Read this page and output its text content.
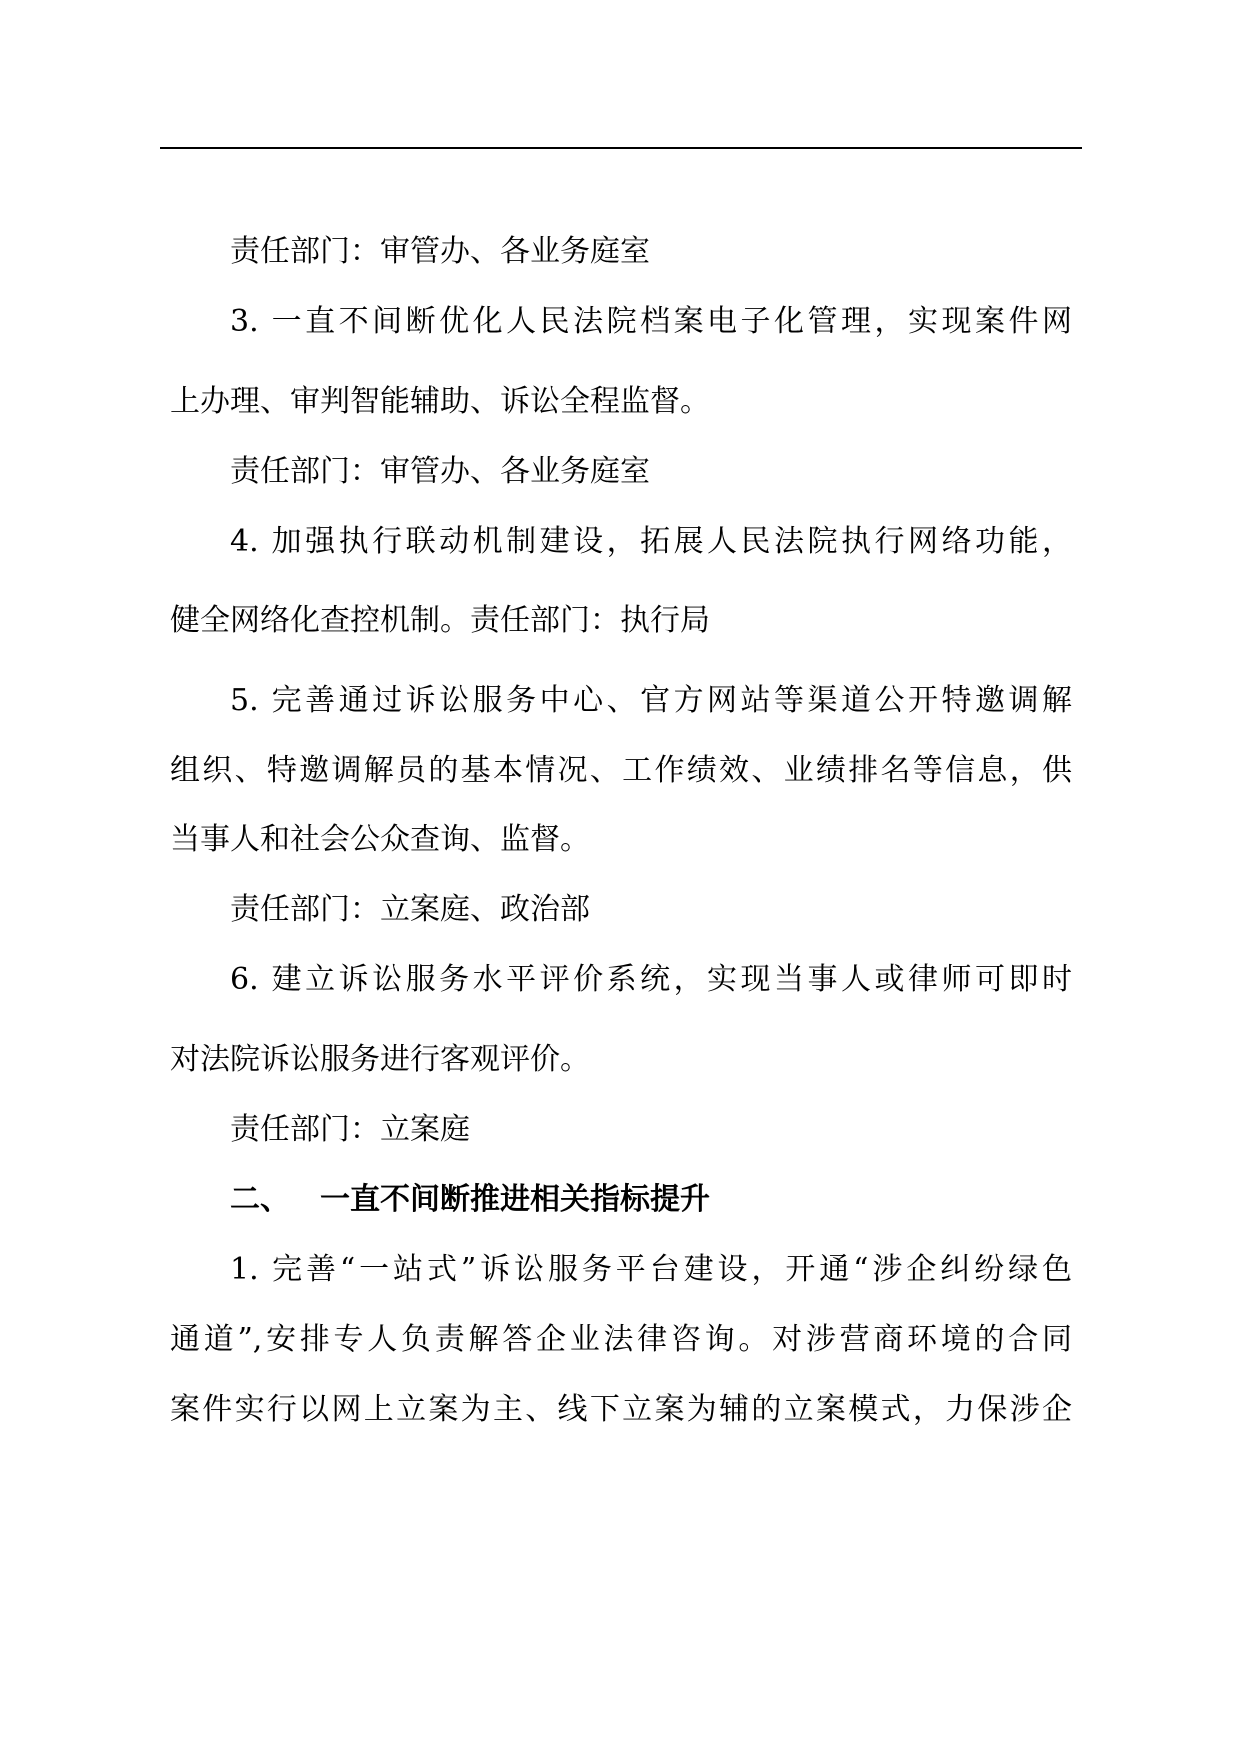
责任部门：审管办、各业务庭室
3. 一直不间断优化人民法院档案电子化管理，实现案件网
上办理、审判智能辅助、诉讼全程监督。
责任部门：审管办、各业务庭室
4. 加强执行联动机制建设，拓展人民法院执行网络功能，
健全网络化查控机制。责任部门：执行局
5. 完善通过诉讼服务中心、官方网站等渠道公开特邀调解
组织、特邀调解员的基本情况、工作绩效、业绩排名等信息，供
当事人和社会公众查询、监督。
责任部门：立案庭、政治部
6. 建立诉讼服务水平评价系统，实现当事人或律师可即时
对法院诉讼服务进行客观评价。
责任部门：立案庭
二、 一直不间断推进相关指标提升
1. 完善“一站式”诉讼服务平台建设，开通“涉企纠纷绿色
通道”,安排专人负责解答企业法律咨询。对涉营商环境的合同
案件实行以网上立案为主、线下立案为辅的立案模式，力保涉企
